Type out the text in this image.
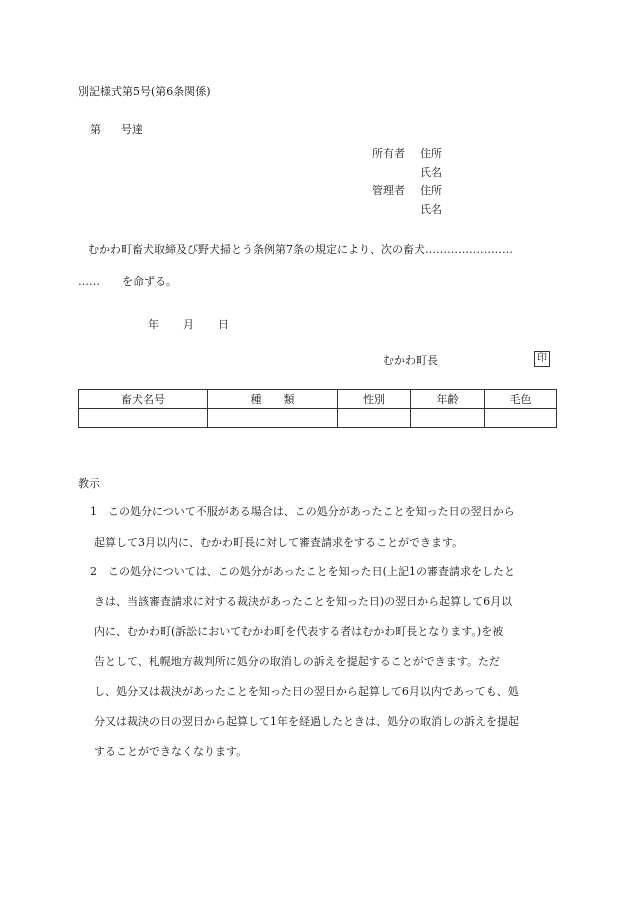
別記様式第5号(第6条関係)
第 号達
所有者 住所
氏名
管理者 住所
氏名
むかわ町畜犬取締及び野犬掃とう条例第7条の規定により、次の畜犬……………………
……　　を命ずる。
年 月 日
むかわ町長	印
畜犬名号	種　　類	性別	年齢	毛色

教示
1 この処分について不服がある場合は、この処分があったことを知った日の翌日から
起算して3月以内に、むかわ町長に対して審査請求をすることができます。
2 この処分については、この処分があったことを知った日(上記1の審査請求をしたと
きは、当該審査請求に対する裁決があったことを知った日)の翌日から起算して6月以
内に、むかわ町(訴訟においてむかわ町を代表する者はむかわ町長となります。)を被
告として、札幌地方裁判所に処分の取消しの訴えを提起することができます。ただ
し、処分又は裁決があったことを知った日の翌日から起算して6月以内であっても、処
分又は裁決の日の翌日から起算して1年を経過したときは、処分の取消しの訴えを提起
することができなくなります。
